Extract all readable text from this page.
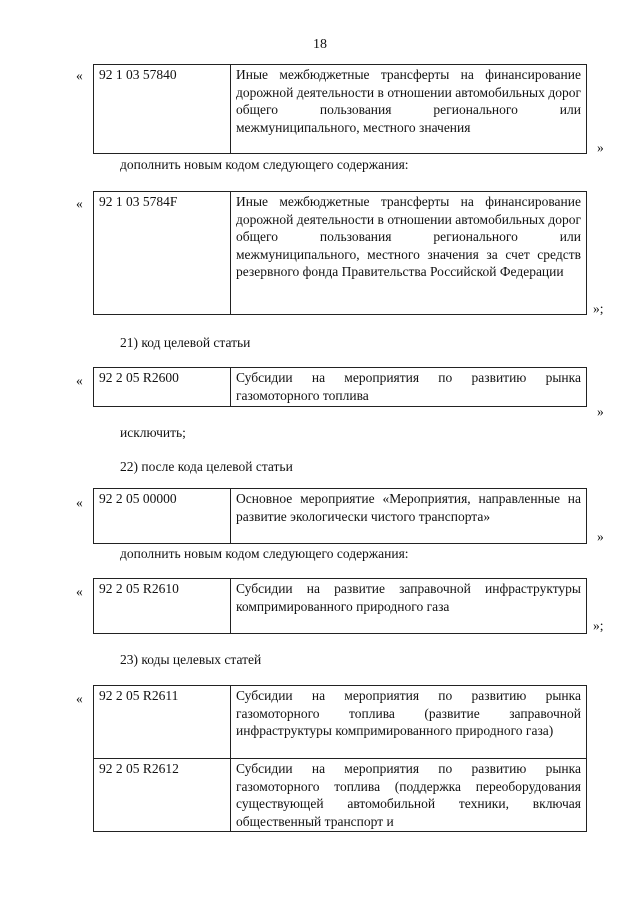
18
« 92 1 03 57840	Иные межбюджетные трансферты на финансирование дорожной деятельности в отношении автомобильных дорог общего пользования регионального или межмуниципального, местного значения
»
дополнить новым кодом следующего содержания:
« 92 1 03 5784F	Иные межбюджетные трансферты на финансирование дорожной деятельности в отношении автомобильных дорог общего пользования регионального или межмуниципального, местного значения за счет средств резервного фонда Правительства Российской Федерации
»;
21) код целевой статьи
« 92 2 05 R2600	Субсидии на мероприятия по развитию рынка газомоторного топлива
»
исключить;
22) после кода целевой статьи
« 92 2 05 00000	Основное мероприятие «Мероприятия, направленные на развитие экологически чистого транспорта»
»
дополнить новым кодом следующего содержания:
« 92 2 05 R2610	Субсидии на развитие заправочной инфраструктуры компримированного природного газа
»;
23) коды целевых статей
« 92 2 05 R2611	Субсидии на мероприятия по развитию рынка газомоторного топлива (развитие заправочной инфраструктуры компримированного природного газа)
92 2 05 R2612	Субсидии на мероприятия по развитию рынка газомоторного топлива (поддержка переоборудования существующей автомобильной техники, включая общественный транспорт и
